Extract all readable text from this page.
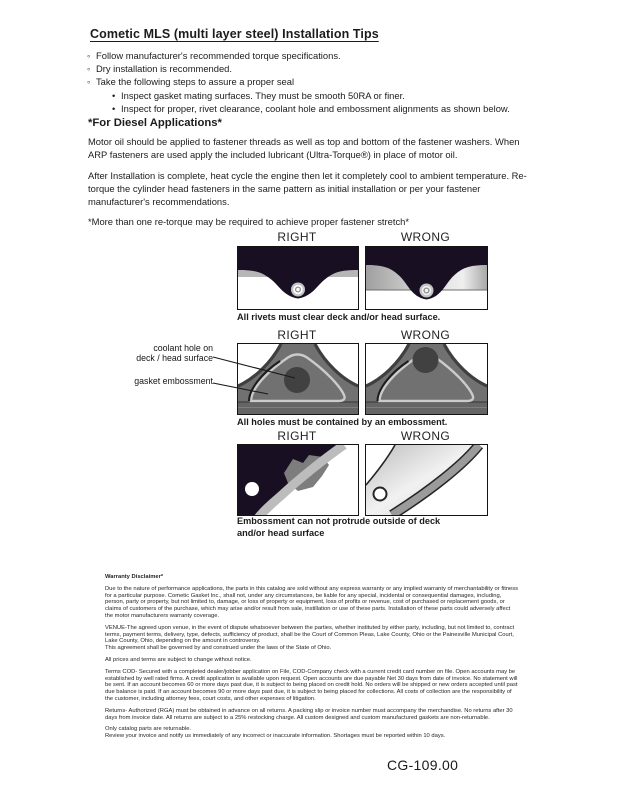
Cometic MLS (multi layer steel) Installation Tips
◦ Follow manufacturer's recommended torque specifications.
◦ Dry installation is recommended.
◦ Take the following steps to assure a proper seal
• Inspect gasket mating surfaces. They must be smooth 50RA or finer.
• Inspect for proper, rivet clearance, coolant hole and embossment alignments as shown below.
*For Diesel Applications*

Motor oil should be applied to fastener threads as well as top and bottom of the fastener washers. When ARP fasteners are used apply the included lubricant (Ultra-Torque®) in place of motor oil.

After Installation is complete, heat cycle the engine then let it completely cool to ambient temperature. Re-torque the cylinder head fasteners in the same pattern as initial installation or per your fastener manufacturer's recommendations.

*More than one re-torque may be required to achieve proper fastener stretch*

RIGHT	WRONG
All rivets must clear deck and/or head surface.
RIGHT	WRONG
coolant hole on
deck / head surface
gasket embossment
All holes must be contained by an embossment.
RIGHT	WRONG
Embossment can not protrude outside of deck
and/or head surface

Warranty Disclaimer*

Due to the nature of performance applications, the parts in this catalog are sold without any express warranty or any implied warranty of merchantability or fitness for a particular purpose. Cometic Gasket Inc., shall not, under any circumstances, be liable for any special, incidental or consequential damages, including, person, party or property, but not limited to, damage, or loss of property or equipment, loss of profits or revenue, cost of purchased or replacement goods, or claims of customers of the purchase, which may arise and/or result from sale, instillation or use of these parts. Installation of these parts could adversely affect the motor manufacturers warranty coverage.

VENUE-The agreed upon venue, in the event of dispute whatsoever between the parties, whether instituted by either party, including, but not limited to, contract terms, payment terms, delivery, type, defects, sufficiency of product, shall be the Court of Common Pleas, Lake County, Ohio or the Painesville Municipal Court, Lake County, Ohio, depending on the amount in controversy.

This agreement shall be governed by and construed under the laws of the State of Ohio.

All prices and terms are subject to change without notice.

Terms COD- Secured with a completed dealer/jobber application on File, COD-Company check with a current credit card number on file. Open accounts may be established by well rated firms. A credit application is available upon request. Open accounts are due payable Net 30 days from date of invoice. No statement will be sent. If an account becomes 60 or more days past due, it is subject to being placed on credit hold. No orders will be shipped or new orders accepted until past due balance is paid. If an account becomes 90 or more days past due, it is subject to being placed for collections. All costs of collection are the responsibility of the customer, including attorney fees, court costs, and other expenses of litigation.

Returns- Authorized (RGA) must be obtained in advance on all returns. A packing slip or invoice number must accompany the merchandise. No returns after 30 days from invoice date. All returns are subject to a 25% restocking charge. All custom designed and custom manufactured gaskets are non-returnable.

Only catalog parts are returnable.

Review your invoice and notify us immediately of any incorrect or inaccurate information. Shortages must be reported within 10 days.

CG-109.00
